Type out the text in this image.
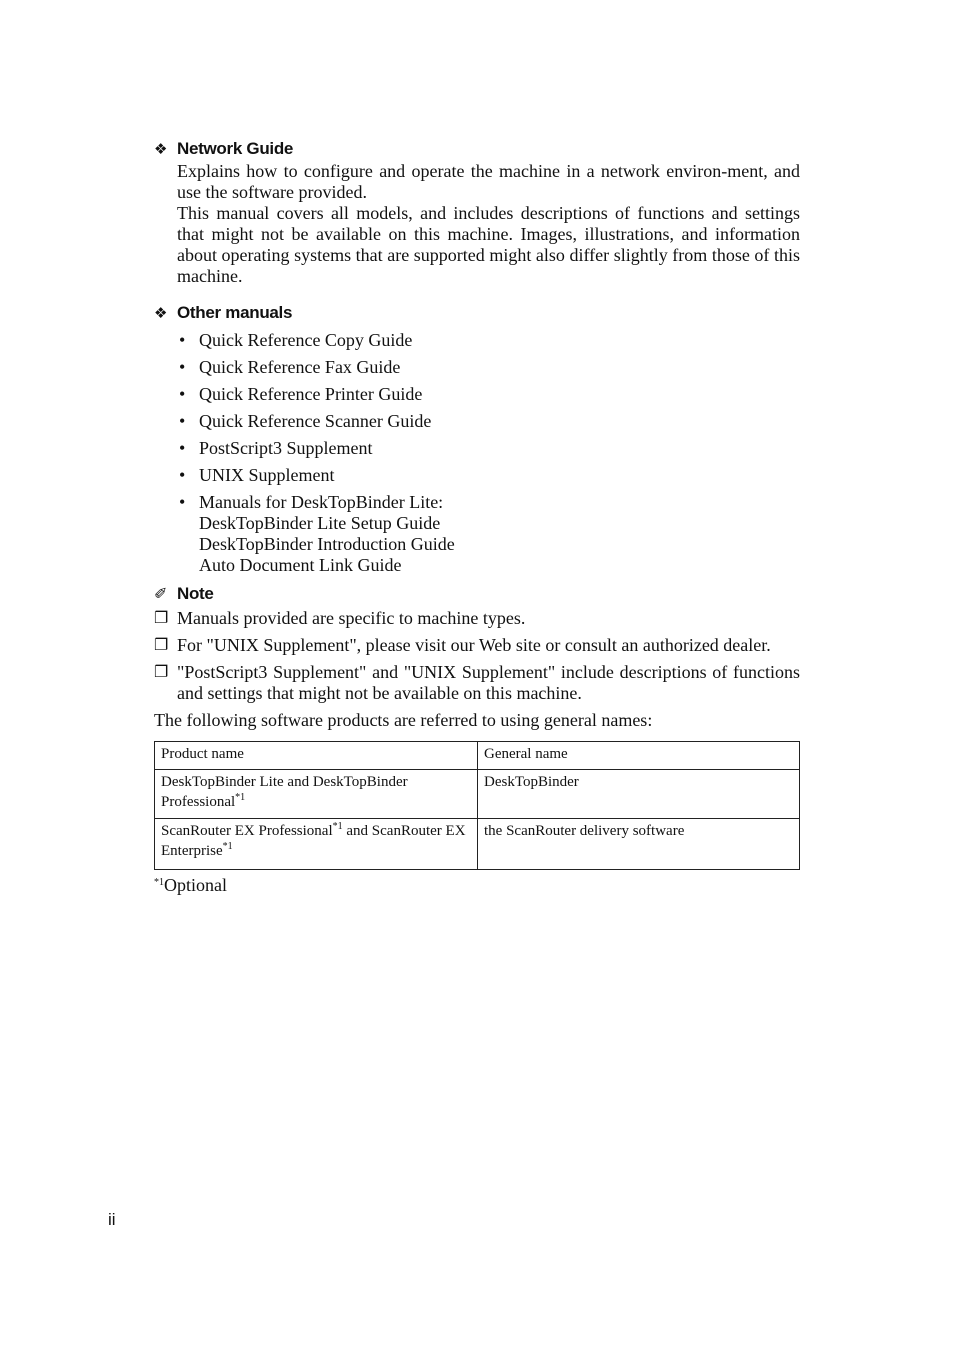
❖ Network Guide

Explains how to configure and operate the machine in a network environ-ment, and use the software provided.

This manual covers all models, and includes descriptions of functions and settings that might not be available on this machine. Images, illustrations, and information about operating systems that are supported might also differ slightly from those of this machine.

❖ Other manuals
• Quick Reference Copy Guide
• Quick Reference Fax Guide
• Quick Reference Printer Guide
• Quick Reference Scanner Guide
• PostScript3 Supplement
• UNIX Supplement
• Manuals for DeskTopBinder Lite:
DeskTopBinder Lite Setup Guide
DeskTopBinder Introduction Guide
Auto Document Link Guide
✐ Note
❐ Manuals provided are specific to machine types.
❐ For "UNIX Supplement", please visit our Web site or consult an authorized dealer.
❐ "PostScript3 Supplement" and "UNIX Supplement" include descriptions of functions and settings that might not be available on this machine.

The following software products are referred to using general names:

Product name	General name
DeskTopBinder Lite and DeskTopBinder Professional$^{*1}$	DeskTopBinder
ScanRouter EX Professional$^{*1}$ and ScanRouter EX Enterprise$^{*1}$	the ScanRouter delivery software
$^{*1}$Optional
ii
